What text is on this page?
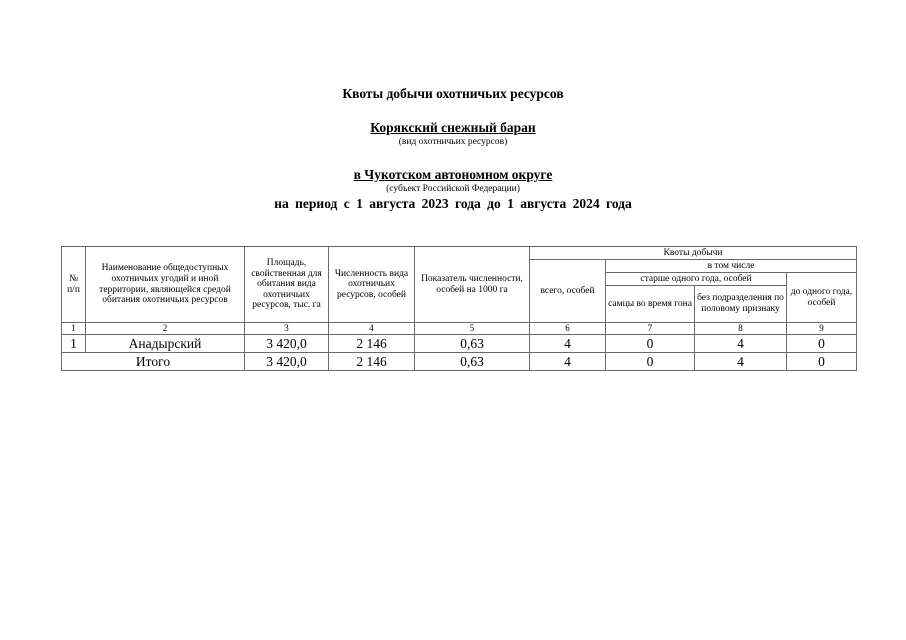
Квоты добычи охотничьих ресурсов
Корякский снежный баран
(вид охотничьих ресурсов)
в Чукотском автономном округе
(субъект Российской Федерации)
на период с 1 августа 2023 года до 1 августа 2024 года
№ п/п	Наименование общедоступных охотничьих угодий и иной территории, являющейся средой обитания охотничьих ресурсов	Площадь, свойственная для обитания вида охотничьих ресурсов, тыс. га	Численность вида охотничьих ресурсов, особей	Показатель численности, особей на 1000 га	Квоты добычи			
					всего, особей	в том числе		
						старше одного года, особей		до одного года, особей
						самцы во время гона	без подразделения по половому признаку	
1	2	3	4	5	6	7	8	9
1	Анадырский	3 420,0	2 146	0,63	4	0	4	0
Итого		3 420,0	2 146	0,63	4	0	4	0
